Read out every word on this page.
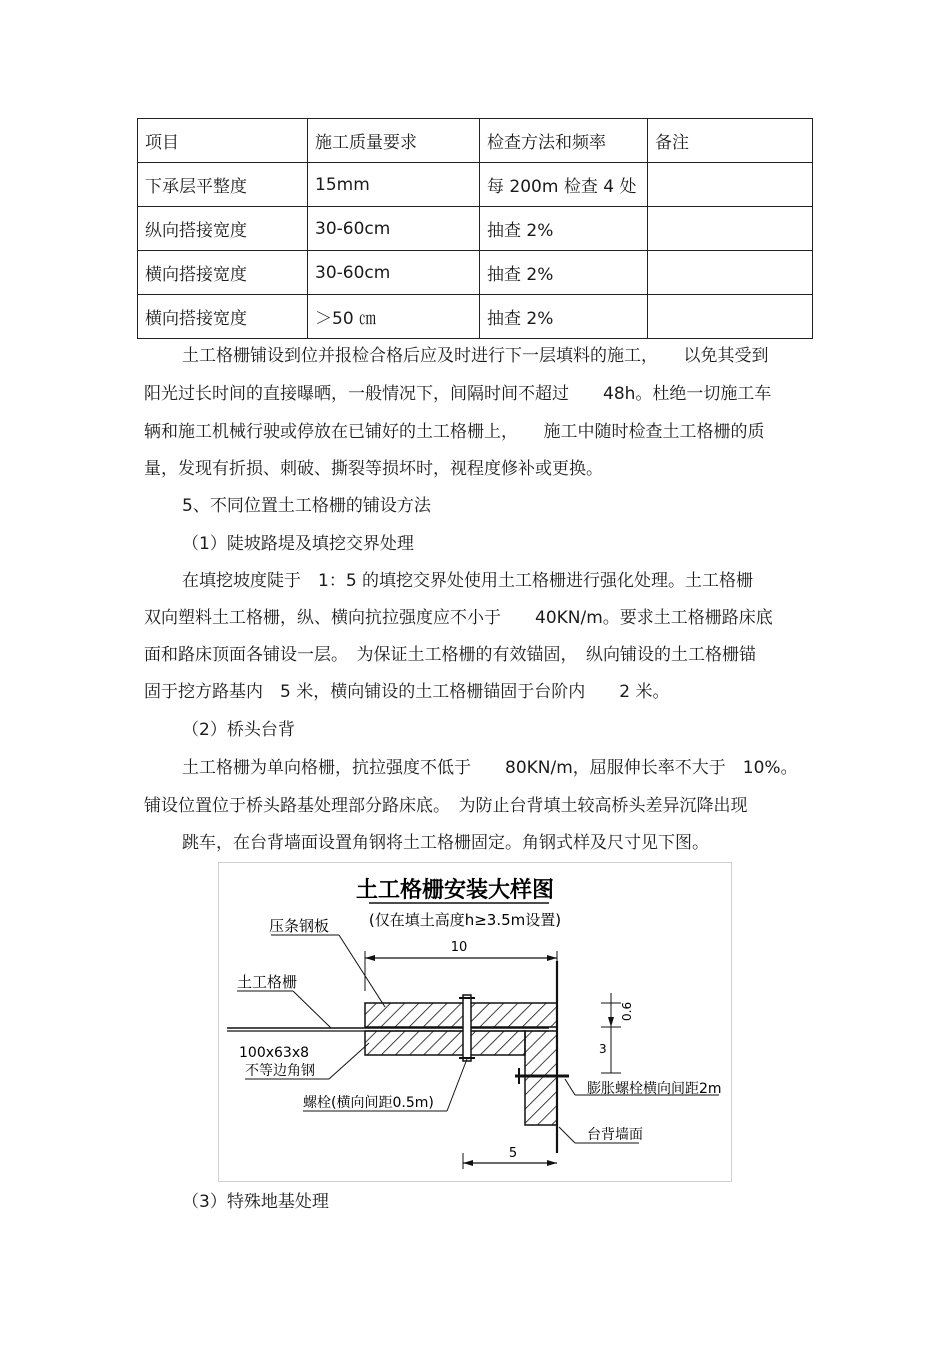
项目	施工质量要求	检查方法和频率	备注
下承层平整度	15mm	每 200m 检查 4 处	
纵向搭接宽度	30-60cm	抽查 2%	
横向搭接宽度	30-60cm	抽查 2%	
横向搭接宽度	＞50 ㎝	抽查 2%	

土工格栅铺设到位并报检合格后应及时进行下一层填料的施工，　　以免其受到

阳光过长时间的直接曝晒，一般情况下，间隔时间不超过　　48h。杜绝一切施工车

辆和施工机械行驶或停放在已铺好的土工格栅上，　　施工中随时检查土工格栅的质

量，发现有折损、刺破、撕裂等损坏时，视程度修补或更换。

5、不同位置土工格栅的铺设方法

（1）陡坡路堤及填挖交界处理

在填挖坡度陡于　1：5 的填挖交界处使用土工格栅进行强化处理。土工格栅

双向塑料土工格栅，纵、横向抗拉强度应不小于　　40KN/m。要求土工格栅路床底

面和路床顶面各铺设一层。　为保证土工格栅的有效锚固，　纵向铺设的土工格栅锚

固于挖方路基内　5 米，横向铺设的土工格栅锚固于台阶内　　2 米。

（2）桥头台背

土工格栅为单向格栅，抗拉强度不低于　　80KN/m，屈服伸长率不大于　10%。

铺设位置位于桥头路基处理部分路床底。　为防止台背填土较高桥头差异沉降出现

跳车，在台背墙面设置角钢将土工格栅固定。角钢式样及尺寸见下图。

土工格栅安装大样图
(仅在填土高度h≥3.5m设置)
10
5
0.6
3
压条钢板
土工格栅
100x63x8
不等边角钢
螺栓(横向间距0.5m)
膨胀螺栓横向间距2m
台背墙面

（3）特殊地基处理
